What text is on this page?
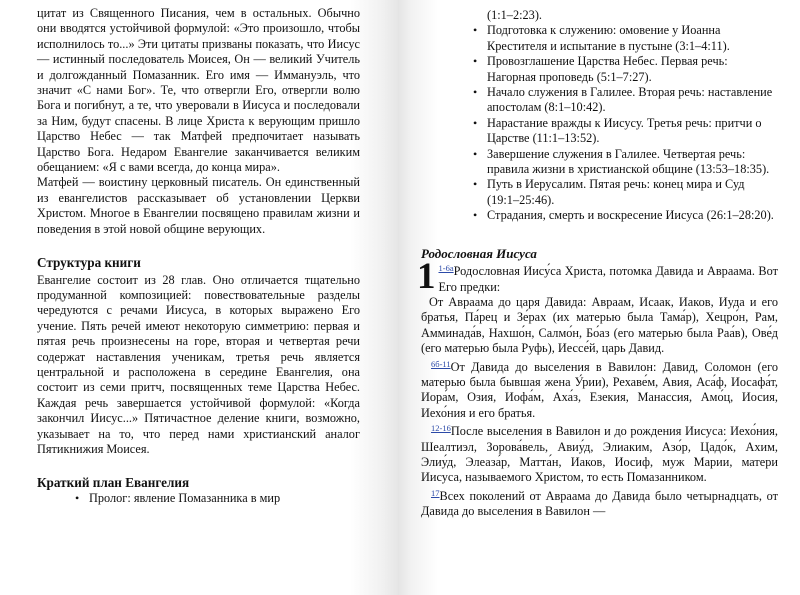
цитат из Священного Писания, чем в остальных. Обычно они вводятся устойчивой формулой: «Это произошло, чтобы исполнилось то...» Эти цитаты призваны показать, что Иисус — истинный последователь Моисея, Он — великий Учитель и долгожданный Помазанник. Его имя — Иммануэль, что значит «С нами Бог». Те, что отвергли Его, отвергли волю Бога и погибнут, а те, что уверовали в Иисуса и последовали за Ним, будут спасены. В лице Христа к верующим пришло Царство Небес — так Матфей предпочитает называть Царство Бога. Недаром Евангелие заканчивается великим обещанием: «Я с вами всегда, до конца мира».

Матфей — воистину церковный писатель. Он единственный из евангелистов рассказывает об установлении Церкви Христом. Многое в Евангелии посвящено правилам жизни и поведения в этой новой общине верующих.

Структура книги

Евангелие состоит из 28 глав. Оно отличается тщательно продуманной композицией: повествовательные разделы чередуются с речами Иисуса, в которых выражено Его учение. Пять речей имеют некоторую симметрию: первая и пятая речь произнесены на горе, вторая и четвертая речи содержат наставления ученикам, третья речь является центральной и расположена в середине Евангелия, она состоит из семи притч, посвященных теме Царства Небес. Каждая речь завершается устойчивой формулой: «Когда закончил Иисус...» Пятичастное деление книги, возможно, указывает на то, что перед нами христианский аналог Пятикнижия Моисея.

Краткий план Евангелия
• Пролог: явление Помазанника в мир
(1:1–2:23).
• Подготовка к служению: омовение у Иоанна Крестителя и испытание в пустыне (3:1–4:11).
• Провозглашение Царства Небес. Первая речь: Нагорная проповедь (5:1–7:27).
• Начало служения в Галилее. Вторая речь: наставление апостолам (8:1–10:42).
• Нарастание вражды к Иисусу. Третья речь: притчи о Царстве (11:1–13:52).
• Завершение служения в Галилее. Четвертая речь: правила жизни в христианской общине (13:53–18:35).
• Путь в Иерусалим. Пятая речь: конец мира и Суд (19:1–25:46).
• Страдания, смерть и воскресение Иисуса (26:1–28:20).
Родословная Иисуса

1 $^{1-6а}$Родословная Иису́са Христа, потомка Давида и Авраама. Вот Его предки:

От Авраама до царя Давида: Авраам, Исаак, Иаков, Иуда и его братья, Па́рец и Зе́рах (их матерью была Тама́р), Хецро́н, Рам, Амминада́в, Нахшо́н, Салмо́н, Бо́аз (его матерью была Раа́в), Ове́д (его матерью была Руфь), Иессе́й, царь Давид.

$^{6б-11}$От Давида до выселения в Вавилон: Давид, Соломон (его матерью была бывшая жена У́рии), Рехаве́м, Авия, Аса́ф, Иосафа́т, Иора́м, Озия, Иофа́м, Аха́з, Езекия, Манассия, Амо́ц, Иосия, Иехо́ния и его братья.

$^{12-16}$После выселения в Вавилон и до рождения Иисуса: Иехо́ния, Шеалтиэл, Зорова́вель, Авиу́д, Элиаким, Азо́р, Цадо́к, Ахим, Элиу́д, Элеаза́р, Матта́н, Иаков, Иосиф, муж Марии, матери Иисуса, называемого Христом, то есть Помазанником.

$^{17}$Всех поколений от Авраама до Давида было четырнадцать, от Давида до выселения в Вавилон —
